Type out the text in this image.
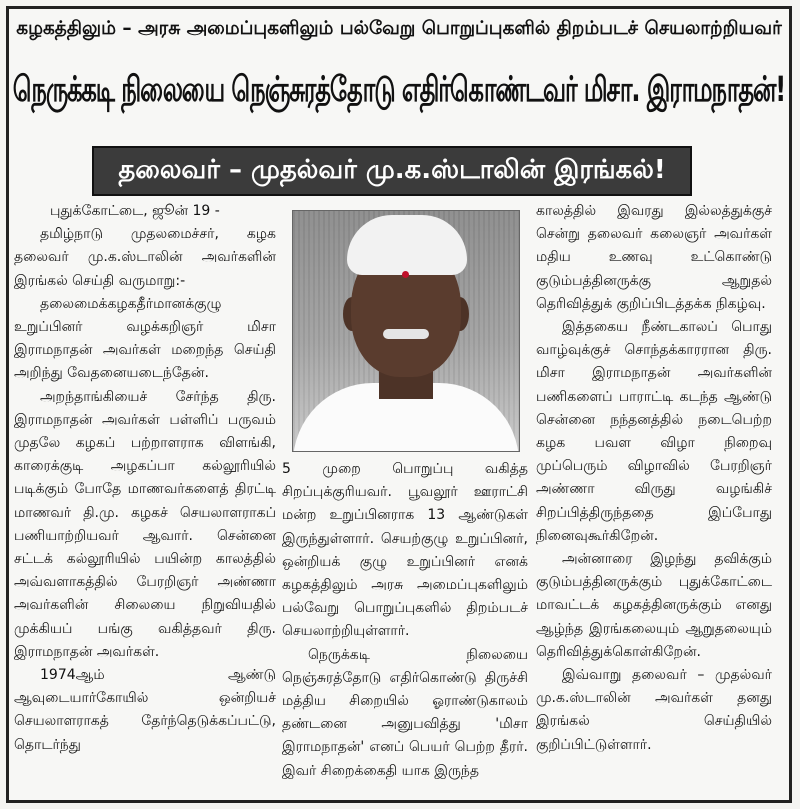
கழகத்திலும் – அரசு அமைப்புகளிலும் பல்வேறு பொறுப்புகளில் திறம்படச் செயலாற்றியவர்
நெருக்கடி நிலையை நெஞ்சுரத்தோடு எதிர்கொண்டவர் மிசா. இராமநாதன்!
தலைவர் – முதல்வர் மு.க.ஸ்டாலின் இரங்கல்!

புதுக்கோட்டை, ஜூன் 19 -

தமிழ்நாடு முதலமைச்சர், கழக தலைவர் மு.க.ஸ்டாலின் அவர்களின் இரங்கல் செய்தி வருமாறு:-

தலைமைக்கழகதீர்மானக்குழு உறுப்பினர் வழக்கறிஞர் மிசா இராமநாதன் அவர்கள் மறைந்த செய்தி அறிந்து வேதனையடைந்தேன்.

அறந்தாங்கியைச் சேர்ந்த திரு. இராமநாதன் அவர்கள் பள்ளிப் பருவம் முதலே கழகப் பற்றாளராக விளங்கி, காரைக்குடி அழகப்பா கல்லூரியில் படிக்கும் போதே மாணவர்களைத் திரட்டி மாணவர் தி.மு. கழகச் செயலாளராகப் பணியாற்றியவர் ஆவார். சென்னை சட்டக் கல்லூரியில் பயின்ற காலத்தில் அவ்வளாகத்தில் பேரறிஞர் அண்ணா அவர்களின் சிலையை நிறுவியதில் முக்கியப் பங்கு வகித்தவர் திரு. இராமநாதன் அவர்கள்.

1974ஆம் ஆண்டு ஆவுடையார்கோயில் ஒன்றியச் செயலாளராகத் தேர்ந்தெடுக்கப்பட்டு, தொடர்ந்து

5 முறை பொறுப்பு வகித்த சிறப்புக்குரியவர். பூவலூர் ஊராட்சி மன்ற உறுப்பினராக 13 ஆண்டுகள் இருந்துள்ளார். செயற்குழு உறுப்பினர், ஒன்றியக் குழு உறுப்பினர் எனக் கழகத்திலும் அரசு அமைப்புகளிலும் பல்வேறு பொறுப்புகளில் திறம்படச் செயலாற்றியுள்ளார்.

நெருக்கடி நிலையை நெஞ்சுரத்தோடு எதிர்கொண்டு திருச்சி மத்திய சிறையில் ஓராண்டுகாலம் தண்டனை அனுபவித்து 'மிசா இராமநாதன்' எனப் பெயர் பெற்ற தீரர். இவர் சிறைக்கைதி யாக இருந்த

காலத்தில் இவரது இல்லத்துக்குச் சென்று தலைவர் கலைஞர் அவர்கள் மதிய உணவு உட்கொண்டு குடும்பத்தினருக்கு ஆறுதல் தெரிவித்துக் குறிப்பிடத்தக்க நிகழ்வு.

இத்தகைய நீண்டகாலப் பொது வாழ்வுக்குச் சொந்தக்காரரான திரு. மிசா இராமநாதன் அவர்களின் பணிகளைப் பாராட்டி கடந்த ஆண்டு சென்னை நந்தனத்தில் நடைபெற்ற கழக பவள விழா நிறைவு முப்பெரும் விழாவில் பேரறிஞர் அண்ணா விருது வழங்கிச் சிறப்பித்திருந்ததை இப்போது நினைவுகூர்கிறேன்.

அன்னாரை இழந்து தவிக்கும் குடும்பத்தினருக்கும் புதுக்கோட்டை மாவட்டக் கழகத்தினருக்கும் எனது ஆழ்ந்த இரங்கலையும் ஆறுதலையும் தெரிவித்துக்கொள்கிறேன்.

இவ்வாறு தலைவர் – முதல்வர் மு.க.ஸ்டாலின் அவர்கள் தனது இரங்கல் செய்தியில் குறிப்பிட்டுள்ளார்.
